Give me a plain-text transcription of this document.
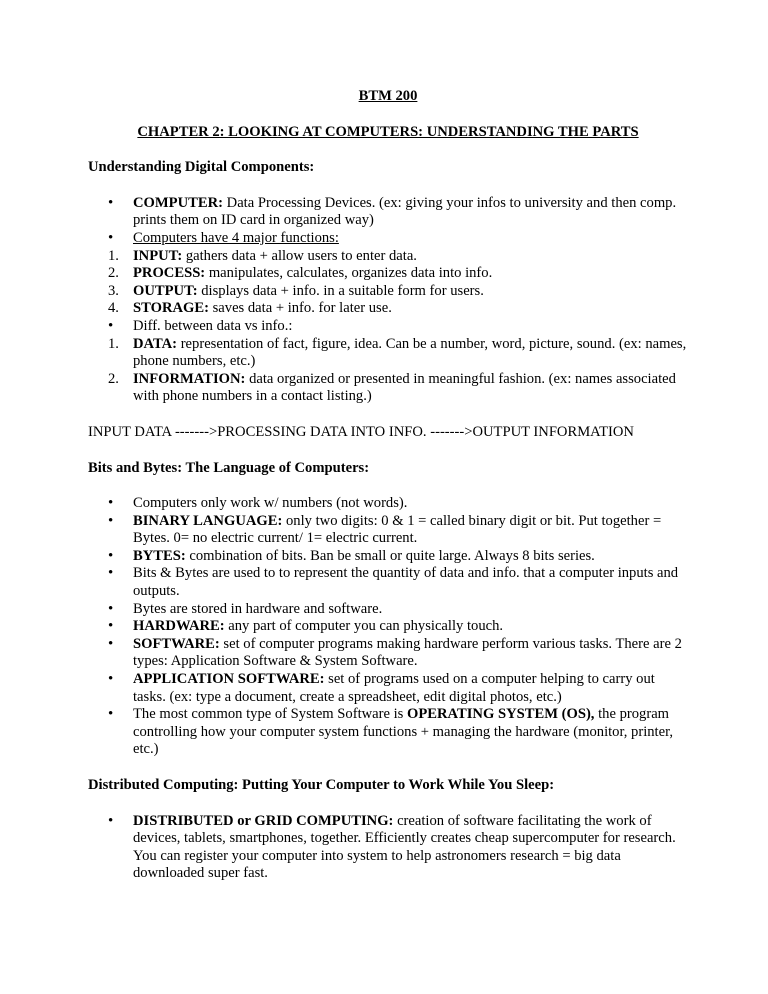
BTM 200

CHAPTER 2: LOOKING AT COMPUTERS: UNDERSTANDING THE PARTS

Understanding Digital Components:
•
COMPUTER: Data Processing Devices. (ex: giving your infos to university and then comp. prints them on ID card in organized way)
•
Computers have 4 major functions:
1. INPUT: gathers data + allow users to enter data.
2. PROCESS: manipulates, calculates, organizes data into info.
3. OUTPUT: displays data + info. in a suitable form for users.
4. STORAGE: saves data + info. for later use.
•
Diff. between data vs info.:
1. DATA: representation of fact, figure, idea. Can be a number, word, picture, sound. (ex: names, phone numbers, etc.)
2. INFORMATION: data organized or presented in meaningful fashion. (ex: names associated with phone numbers in a contact listing.)

INPUT DATA ------->PROCESSING DATA INTO INFO. ------->OUTPUT INFORMATION

Bits and Bytes: The Language of Computers:
•
Computers only work w/ numbers (not words).
•
BINARY LANGUAGE: only two digits: 0 & 1 = called binary digit or bit. Put together = Bytes. 0= no electric current/ 1= electric current.
•
BYTES: combination of bits. Ban be small or quite large. Always 8 bits series.
•
Bits & Bytes are used to to represent the quantity of data and info. that a computer inputs and outputs.
•
Bytes are stored in hardware and software.
•
HARDWARE: any part of computer you can physically touch.
•
SOFTWARE: set of computer programs making hardware perform various tasks. There are 2 types: Application Software & System Software.
•
APPLICATION SOFTWARE: set of programs used on a computer helping to carry out tasks. (ex: type a document, create a spreadsheet, edit digital photos, etc.)
•
The most common type of System Software is OPERATING SYSTEM (OS), the program controlling how your computer system functions + managing the hardware (monitor, printer, etc.)
Distributed Computing: Putting Your Computer to Work While You Sleep:
•
DISTRIBUTED or GRID COMPUTING: creation of software facilitating the work of devices, tablets, smartphones, together. Efficiently creates cheap supercomputer for research. You can register your computer into system to help astronomers research = big data downloaded super fast.
